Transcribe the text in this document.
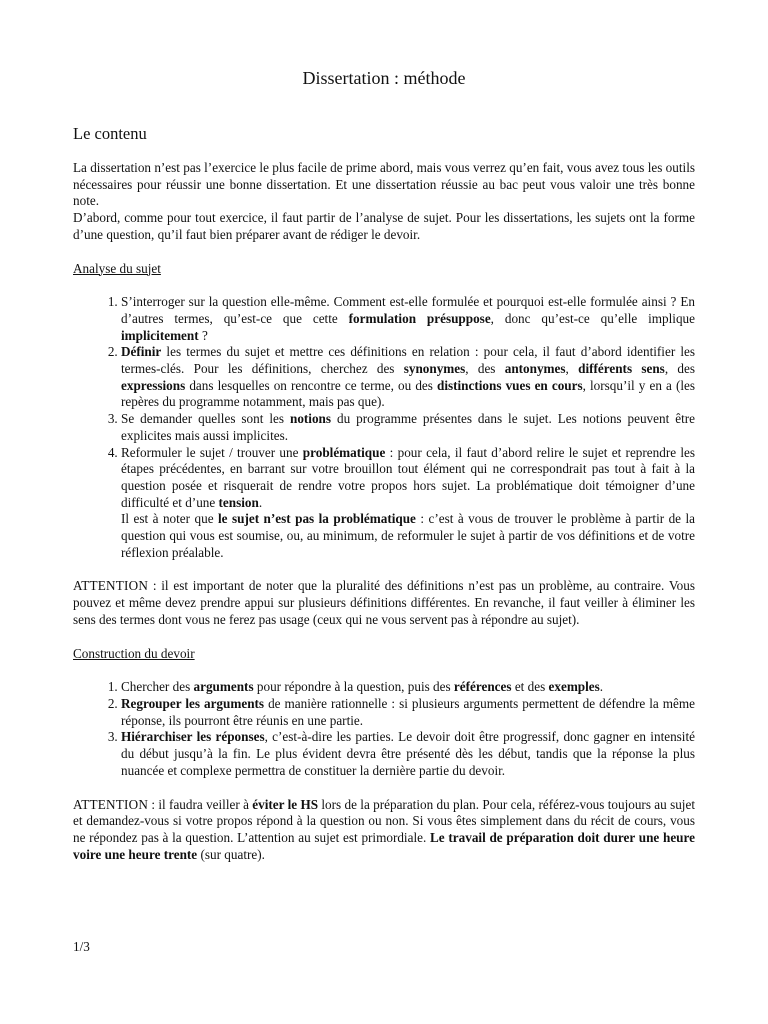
Dissertation : méthode
Le contenu

La dissertation n’est pas l’exercice le plus facile de prime abord, mais vous verrez qu’en fait, vous avez tous les outils nécessaires pour réussir une bonne dissertation. Et une dissertation réussie au bac peut vous valoir une très bonne note.

D’abord, comme pour tout exercice, il faut partir de l’analyse de sujet. Pour les dissertations, les sujets ont la forme d’une question, qu’il faut bien préparer avant de rédiger le devoir.

Analyse du sujet

1. S’interroger sur la question elle-même. Comment est-elle formulée et pourquoi est-elle formulée ainsi ? En d’autres termes, qu’est-ce que cette formulation présuppose, donc qu’est-ce qu’elle implique implicitement ?
2. Définir les termes du sujet et mettre ces définitions en relation : pour cela, il faut d’abord identifier les termes-clés. Pour les définitions, cherchez des synonymes, des antonymes, différents sens, des expressions dans lesquelles on rencontre ce terme, ou des distinctions vues en cours, lorsqu’il y en a (les repères du programme notamment, mais pas que).
3. Se demander quelles sont les notions du programme présentes dans le sujet. Les notions peuvent être explicites mais aussi implicites.
4. Reformuler le sujet / trouver une problématique : pour cela, il faut d’abord relire le sujet et reprendre les étapes précédentes, en barrant sur votre brouillon tout élément qui ne correspondrait pas tout à fait à la question posée et risquerait de rendre votre propos hors sujet. La problématique doit témoigner d’une difficulté et d’une tension.
Il est à noter que le sujet n’est pas la problématique : c’est à vous de trouver le problème à partir de la question qui vous est soumise, ou, au minimum, de reformuler le sujet à partir de vos définitions et de votre réflexion préalable.

ATTENTION : il est important de noter que la pluralité des définitions n’est pas un problème, au contraire. Vous pouvez et même devez prendre appui sur plusieurs définitions différentes. En revanche, il faut veiller à éliminer les sens des termes dont vous ne ferez pas usage (ceux qui ne vous servent pas à répondre au sujet).

Construction du devoir

1. Chercher des arguments pour répondre à la question, puis des références et des exemples.
2. Regrouper les arguments de manière rationnelle : si plusieurs arguments permettent de défendre la même réponse, ils pourront être réunis en une partie.
3. Hiérarchiser les réponses, c’est-à-dire les parties. Le devoir doit être progressif, donc gagner en intensité du début jusqu’à la fin. Le plus évident devra être présenté dès les début, tandis que la réponse la plus nuancée et complexe permettra de constituer la dernière partie du devoir.

ATTENTION : il faudra veiller à éviter le HS lors de la préparation du plan. Pour cela, référez-vous toujours au sujet et demandez-vous si votre propos répond à la question ou non. Si vous êtes simplement dans du récit de cours, vous ne répondez pas à la question. L’attention au sujet est primordiale. Le travail de préparation doit durer une heure voire une heure trente (sur quatre).

1/3
